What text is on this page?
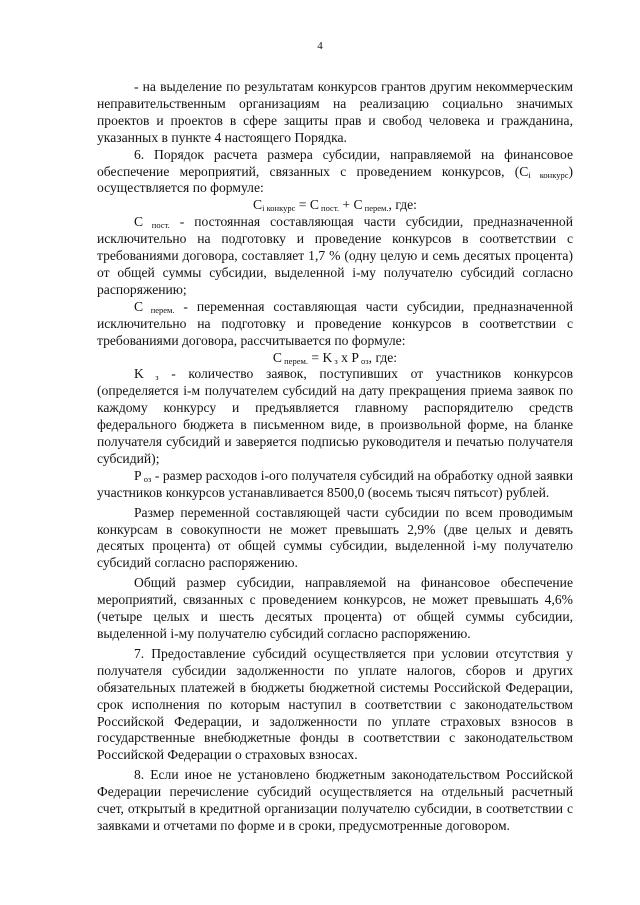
4

- на выделение по результатам конкурсов грантов другим некоммерческим неправительственным организациям на реализацию социально значимых проектов и проектов в сфере защиты прав и свобод человека и гражданина, указанных в пункте 4 настоящего Порядка.

6. Порядок расчета размера субсидии, направляемой на финансовое обеспечение мероприятий, связанных с проведением конкурсов, $(C_{i конкурс})$ осуществляется по формуле:

$C_{i конкурс} = C$ $_{пост.}$ + C $_{перем.}$, где:

C $_{пост.}$ - постоянная составляющая части субсидии, предназначенной исключительно на подготовку и проведение конкурсов в соответствии с требованиями договора, составляет 1,7 % (одну целую и семь десятых процента) от общей суммы субсидии, выделенной i-му получателю субсидий согласно распоряжению;

C $_{перем.}$ - переменная составляющая части субсидии, предназначенной исключительно на подготовку и проведение конкурсов в соответствии с требованиями договора, рассчитывается по формуле:

C $_{перем.}$ = K $_з$ x P $_{оз}$, где:

K $_з$ - количество заявок, поступивших от участников конкурсов (определяется i-м получателем субсидий на дату прекращения приема заявок по каждому конкурсу и предъявляется главному распорядителю средств федерального бюджета в письменном виде, в произвольной форме, на бланке получателя субсидий и заверяется подписью руководителя и печатью получателя субсидий);

P $_{оз}$ - размер расходов i-ого получателя субсидий на обработку одной заявки участников конкурсов устанавливается 8500,0 (восемь тысяч пятьсот) рублей.

Размер переменной составляющей части субсидии по всем проводимым конкурсам в совокупности не может превышать 2,9% (две целых и девять десятых процента) от общей суммы субсидии, выделенной i-му получателю субсидий согласно распоряжению.

Общий размер субсидии, направляемой на финансовое обеспечение мероприятий, связанных с проведением конкурсов, не может превышать 4,6% (четыре целых и шесть десятых процента) от общей суммы субсидии, выделенной i-му получателю субсидий согласно распоряжению.

7. Предоставление субсидий осуществляется при условии отсутствия у получателя субсидии задолженности по уплате налогов, сборов и других обязательных платежей в бюджеты бюджетной системы Российской Федерации, срок исполнения по которым наступил в соответствии с законодательством Российской Федерации, и задолженности по уплате страховых взносов в государственные внебюджетные фонды в соответствии с законодательством Российской Федерации о страховых взносах.

8. Если иное не установлено бюджетным законодательством Российской Федерации перечисление субсидий осуществляется на отдельный расчетный счет, открытый в кредитной организации получателю субсидии, в соответствии с заявками и отчетами по форме и в сроки, предусмотренные договором.
